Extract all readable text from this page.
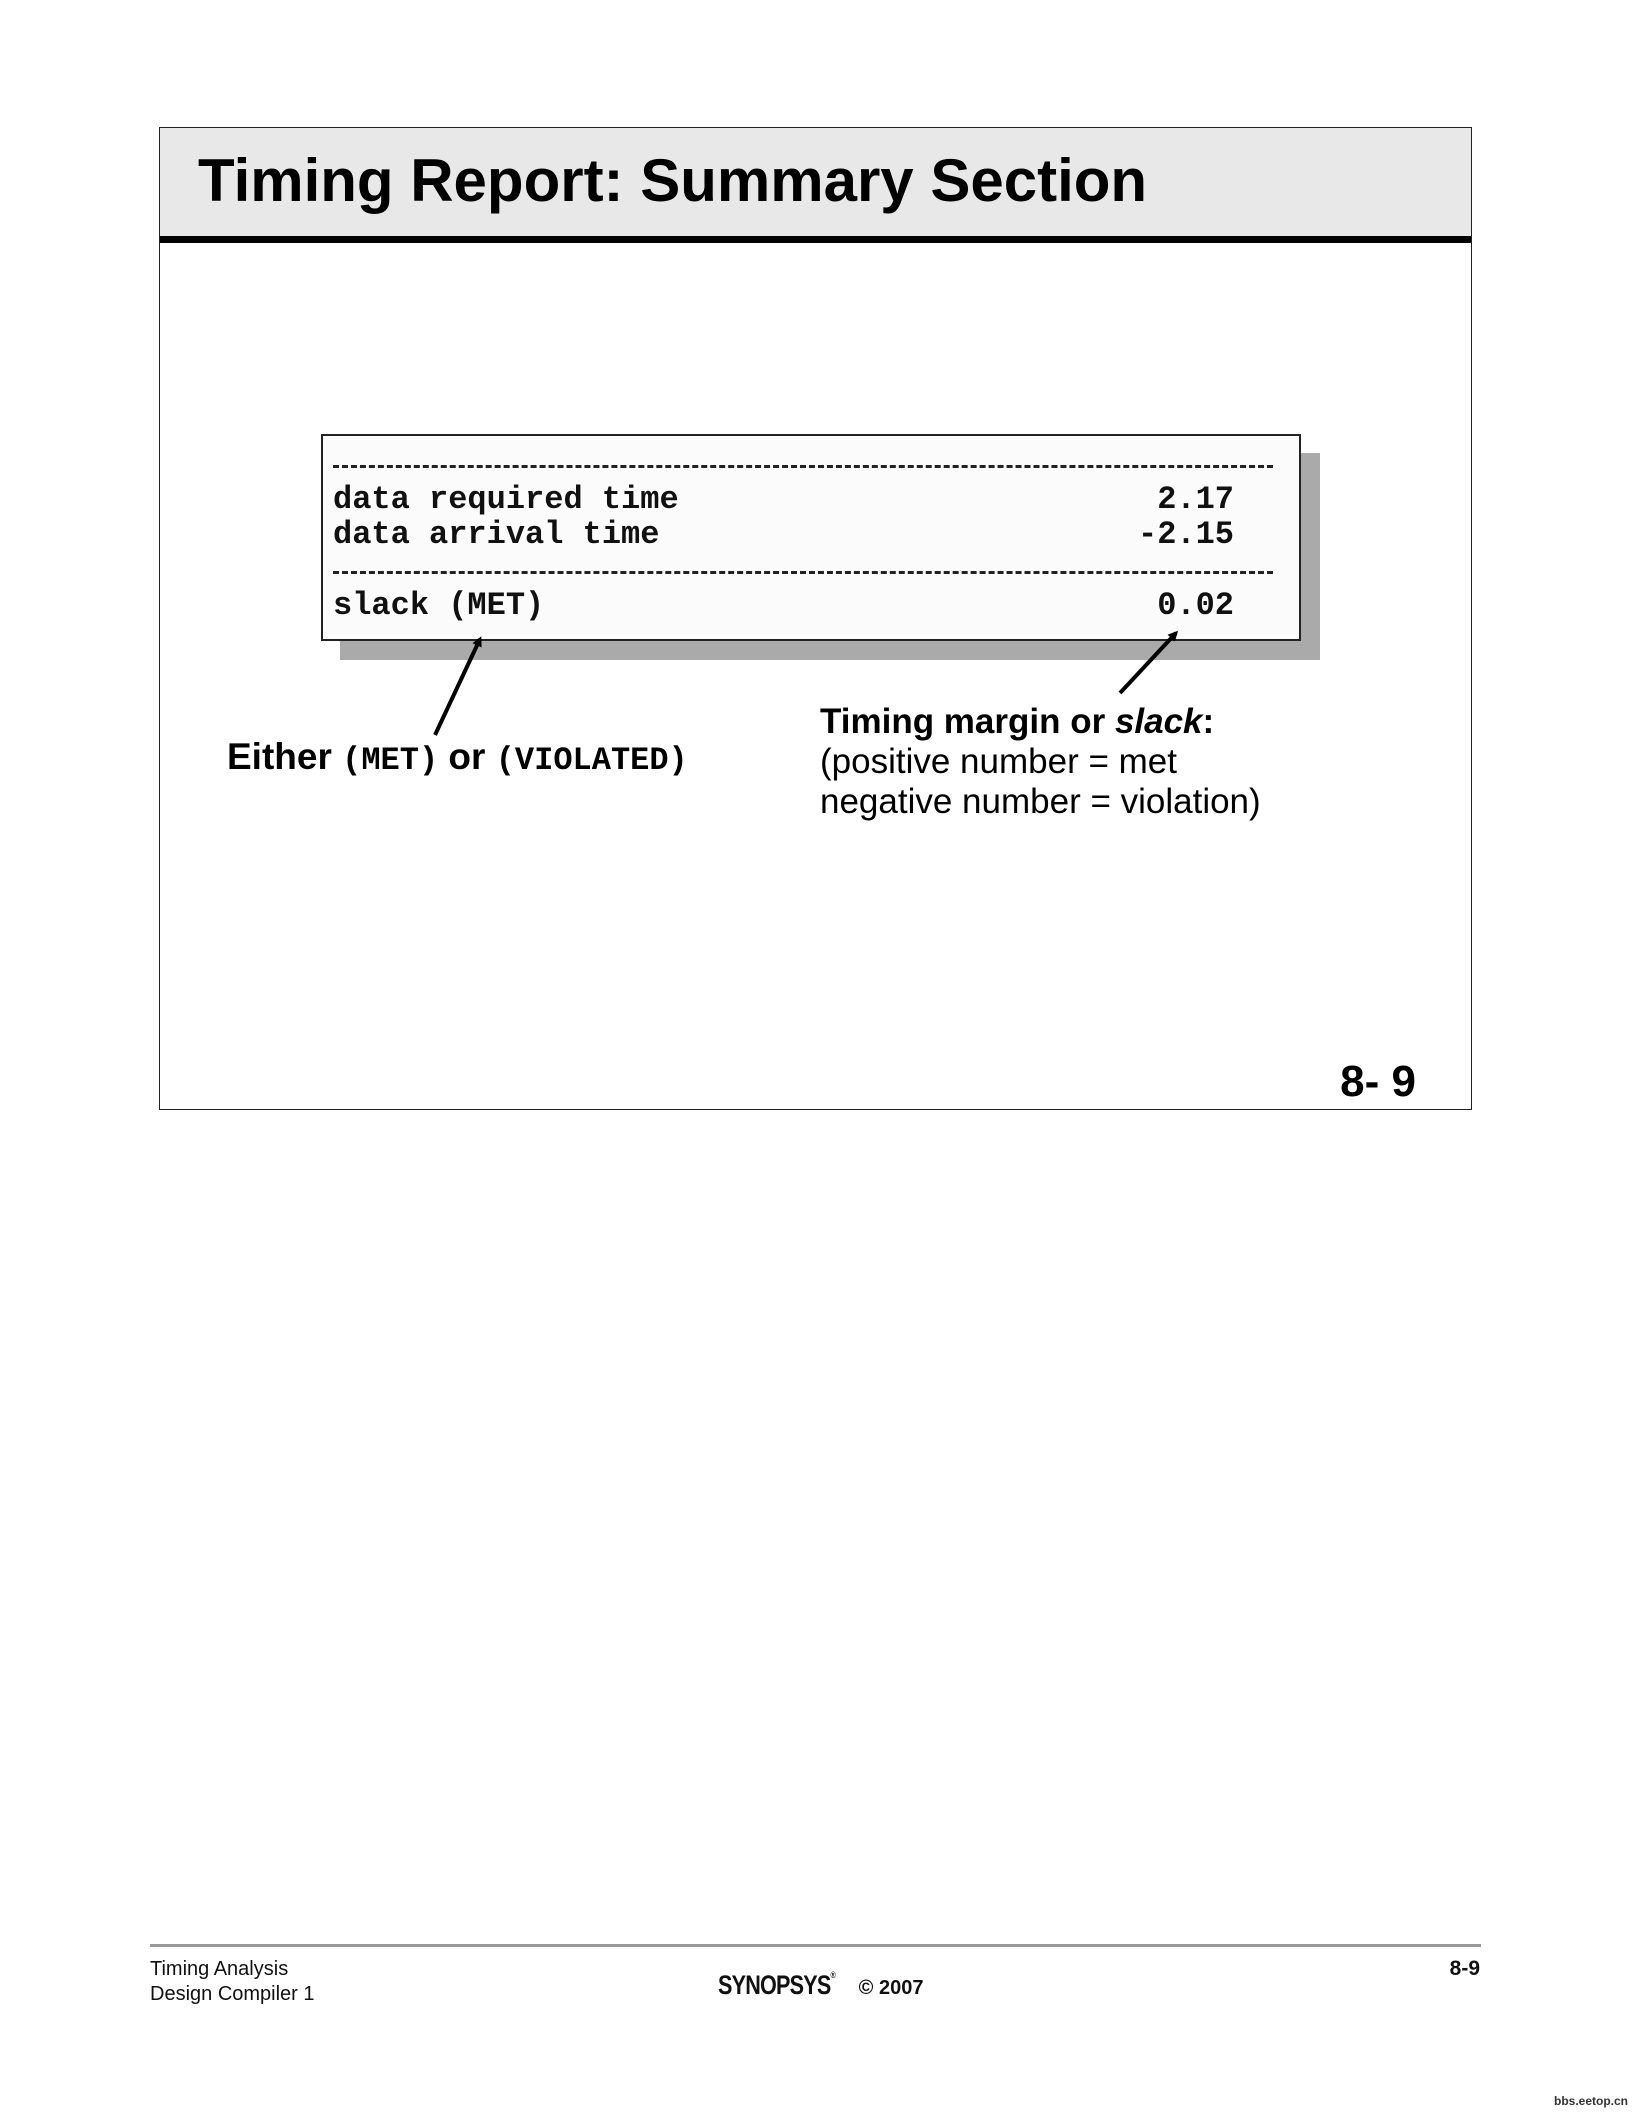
Timing Report: Summary Section
data required time	2.17
data arrival time	-2.15
slack (MET)	0.02
Either (MET) or (VIOLATED)
Timing margin or slack:
(positive number = met
negative number = violation)
8- 9
Timing Analysis
Design Compiler 1	SYNOPSYS® © 2007
8-9
bbs.eetop.cn
